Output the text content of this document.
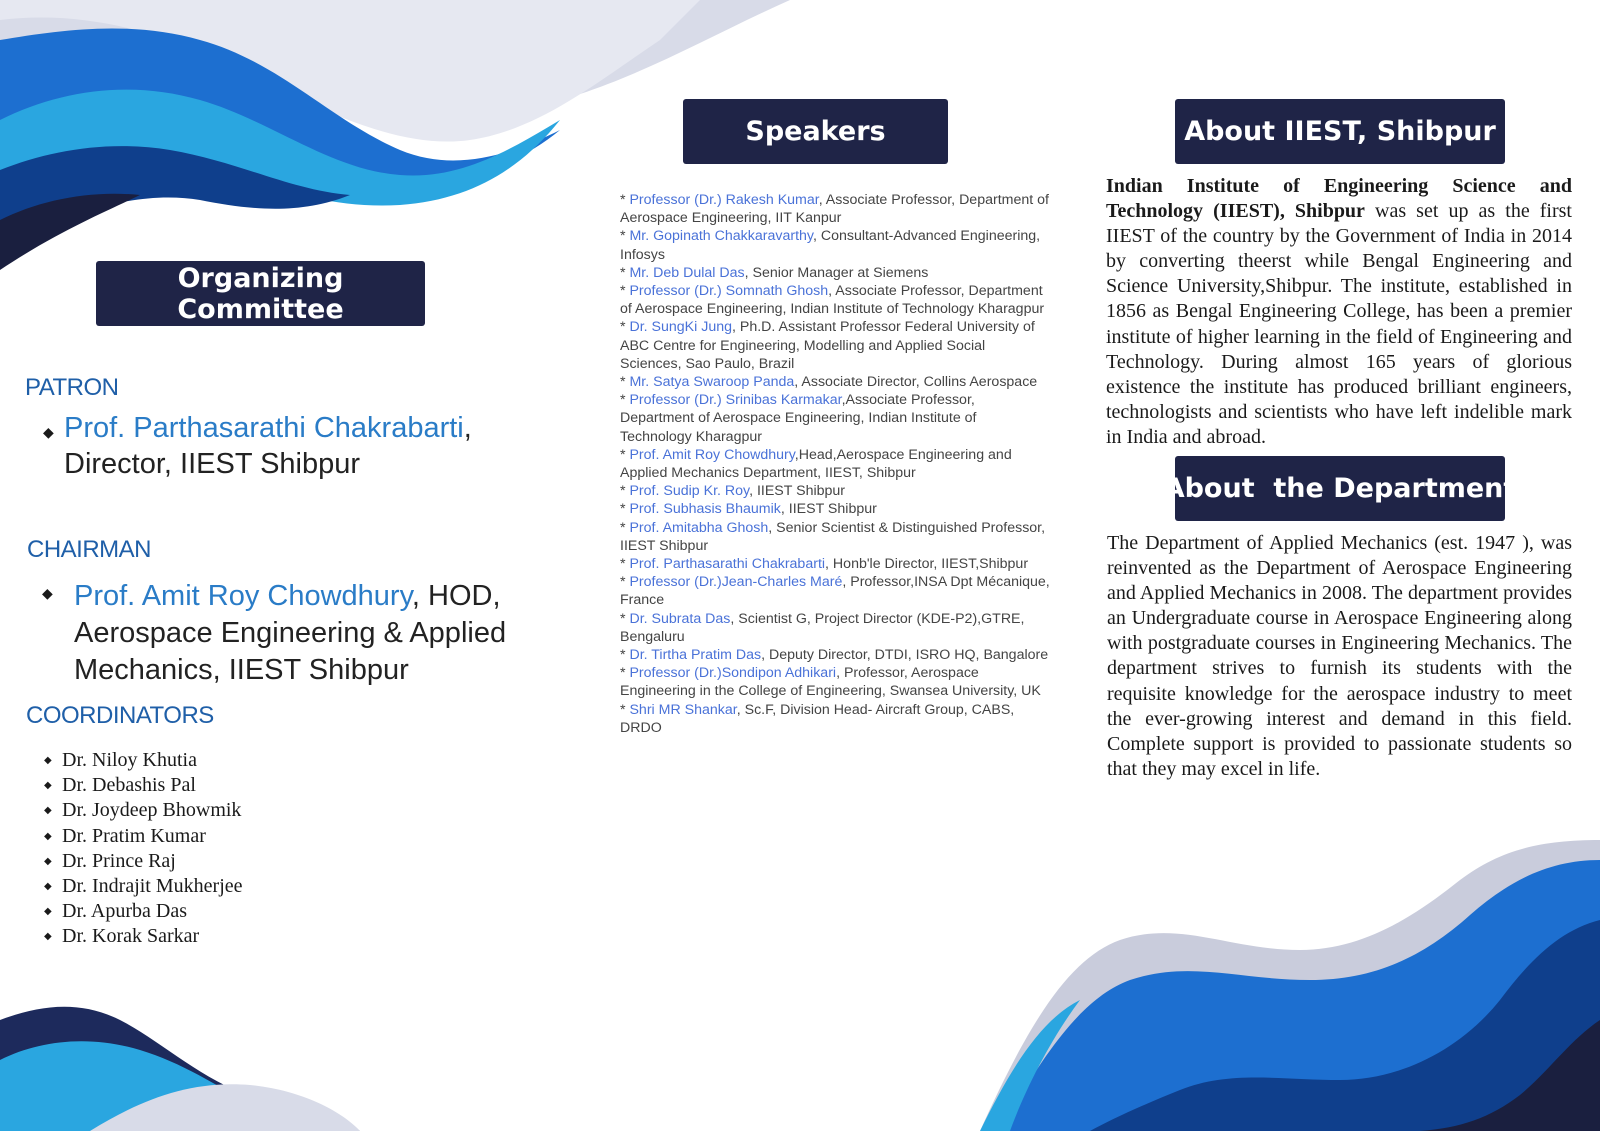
Organizing Committee
PATRON
◆ Prof. Parthasarathi Chakrabarti,
Director, IIEST Shibpur
CHAIRMAN
◆ Prof. Amit Roy Chowdhury, HOD,
Aerospace Engineering & Applied
Mechanics, IIEST Shibpur
COORDINATORS
◆ Dr. Niloy Khutia
◆ Dr. Debashis Pal
◆ Dr. Joydeep Bhowmik
◆ Dr. Pratim Kumar
◆ Dr. Prince Raj
◆ Dr. Indrajit Mukherjee
◆ Dr. Apurba Das
◆ Dr. Korak Sarkar
Speakers
* Professor (Dr.) Rakesh Kumar, Associate Professor, Department of Aerospace Engineering, IIT Kanpur
* Mr. Gopinath Chakkaravarthy, Consultant-Advanced Engineering, Infosys
* Mr. Deb Dulal Das, Senior Manager at Siemens
* Professor (Dr.) Somnath Ghosh, Associate Professor, Department of Aerospace Engineering, Indian Institute of Technology Kharagpur
* Dr. SungKi Jung, Ph.D. Assistant Professor Federal University of ABC Centre for Engineering, Modelling and Applied Social Sciences, Sao Paulo, Brazil
* Mr. Satya Swaroop Panda, Associate Director, Collins Aerospace
* Professor (Dr.) Srinibas Karmakar,Associate Professor, Department of Aerospace Engineering, Indian Institute of Technology Kharagpur
* Prof. Amit Roy Chowdhury,Head,Aerospace Engineering and Applied Mechanics Department, IIEST, Shibpur
* Prof. Sudip Kr. Roy, IIEST Shibpur
* Prof. Subhasis Bhaumik, IIEST Shibpur
* Prof. Amitabha Ghosh, Senior Scientist & Distinguished Professor, IIEST Shibpur
* Prof. Parthasarathi Chakrabarti, Honb'le Director, IIEST,Shibpur
* Professor (Dr.)Jean-Charles Maré, Professor,INSA Dpt Mécanique, France
* Dr. Subrata Das, Scientist G, Project Director (KDE-P2),GTRE, Bengaluru
* Dr. Tirtha Pratim Das, Deputy Director, DTDI, ISRO HQ, Bangalore
* Professor (Dr.)Sondipon Adhikari, Professor, Aerospace Engineering in the College of Engineering, Swansea University, UK
* Shri MR Shankar, Sc.F, Division Head- Aircraft Group, CABS, DRDO
About IIEST, Shibpur

Indian Institute of Engineering Science and Technology (IIEST), Shibpur was set up as the first IIEST of the country by the Government of India in 2014 by converting theerst while Bengal Engineering and Science University,Shibpur. The institute, established in 1856 as Bengal Engineering College, has been a premier institute of higher learning in the field of Engineering and Technology. During almost 165 years of glorious existence the institute has produced brilliant engineers, technologists and scientists who have left indelible mark in India and abroad.

About  the Department

The Department of Applied Mechanics (est. 1947 ), was reinvented as the Department of Aerospace Engineering and Applied Mechanics in 2008. The department provides an Undergraduate course in Aerospace Engineering along with postgraduate courses in Engineering Mechanics. The department strives to furnish its students with the requisite knowledge for the aerospace industry to meet the ever-growing interest and demand in this field. Complete support is provided to passionate students so that they may excel in life.
